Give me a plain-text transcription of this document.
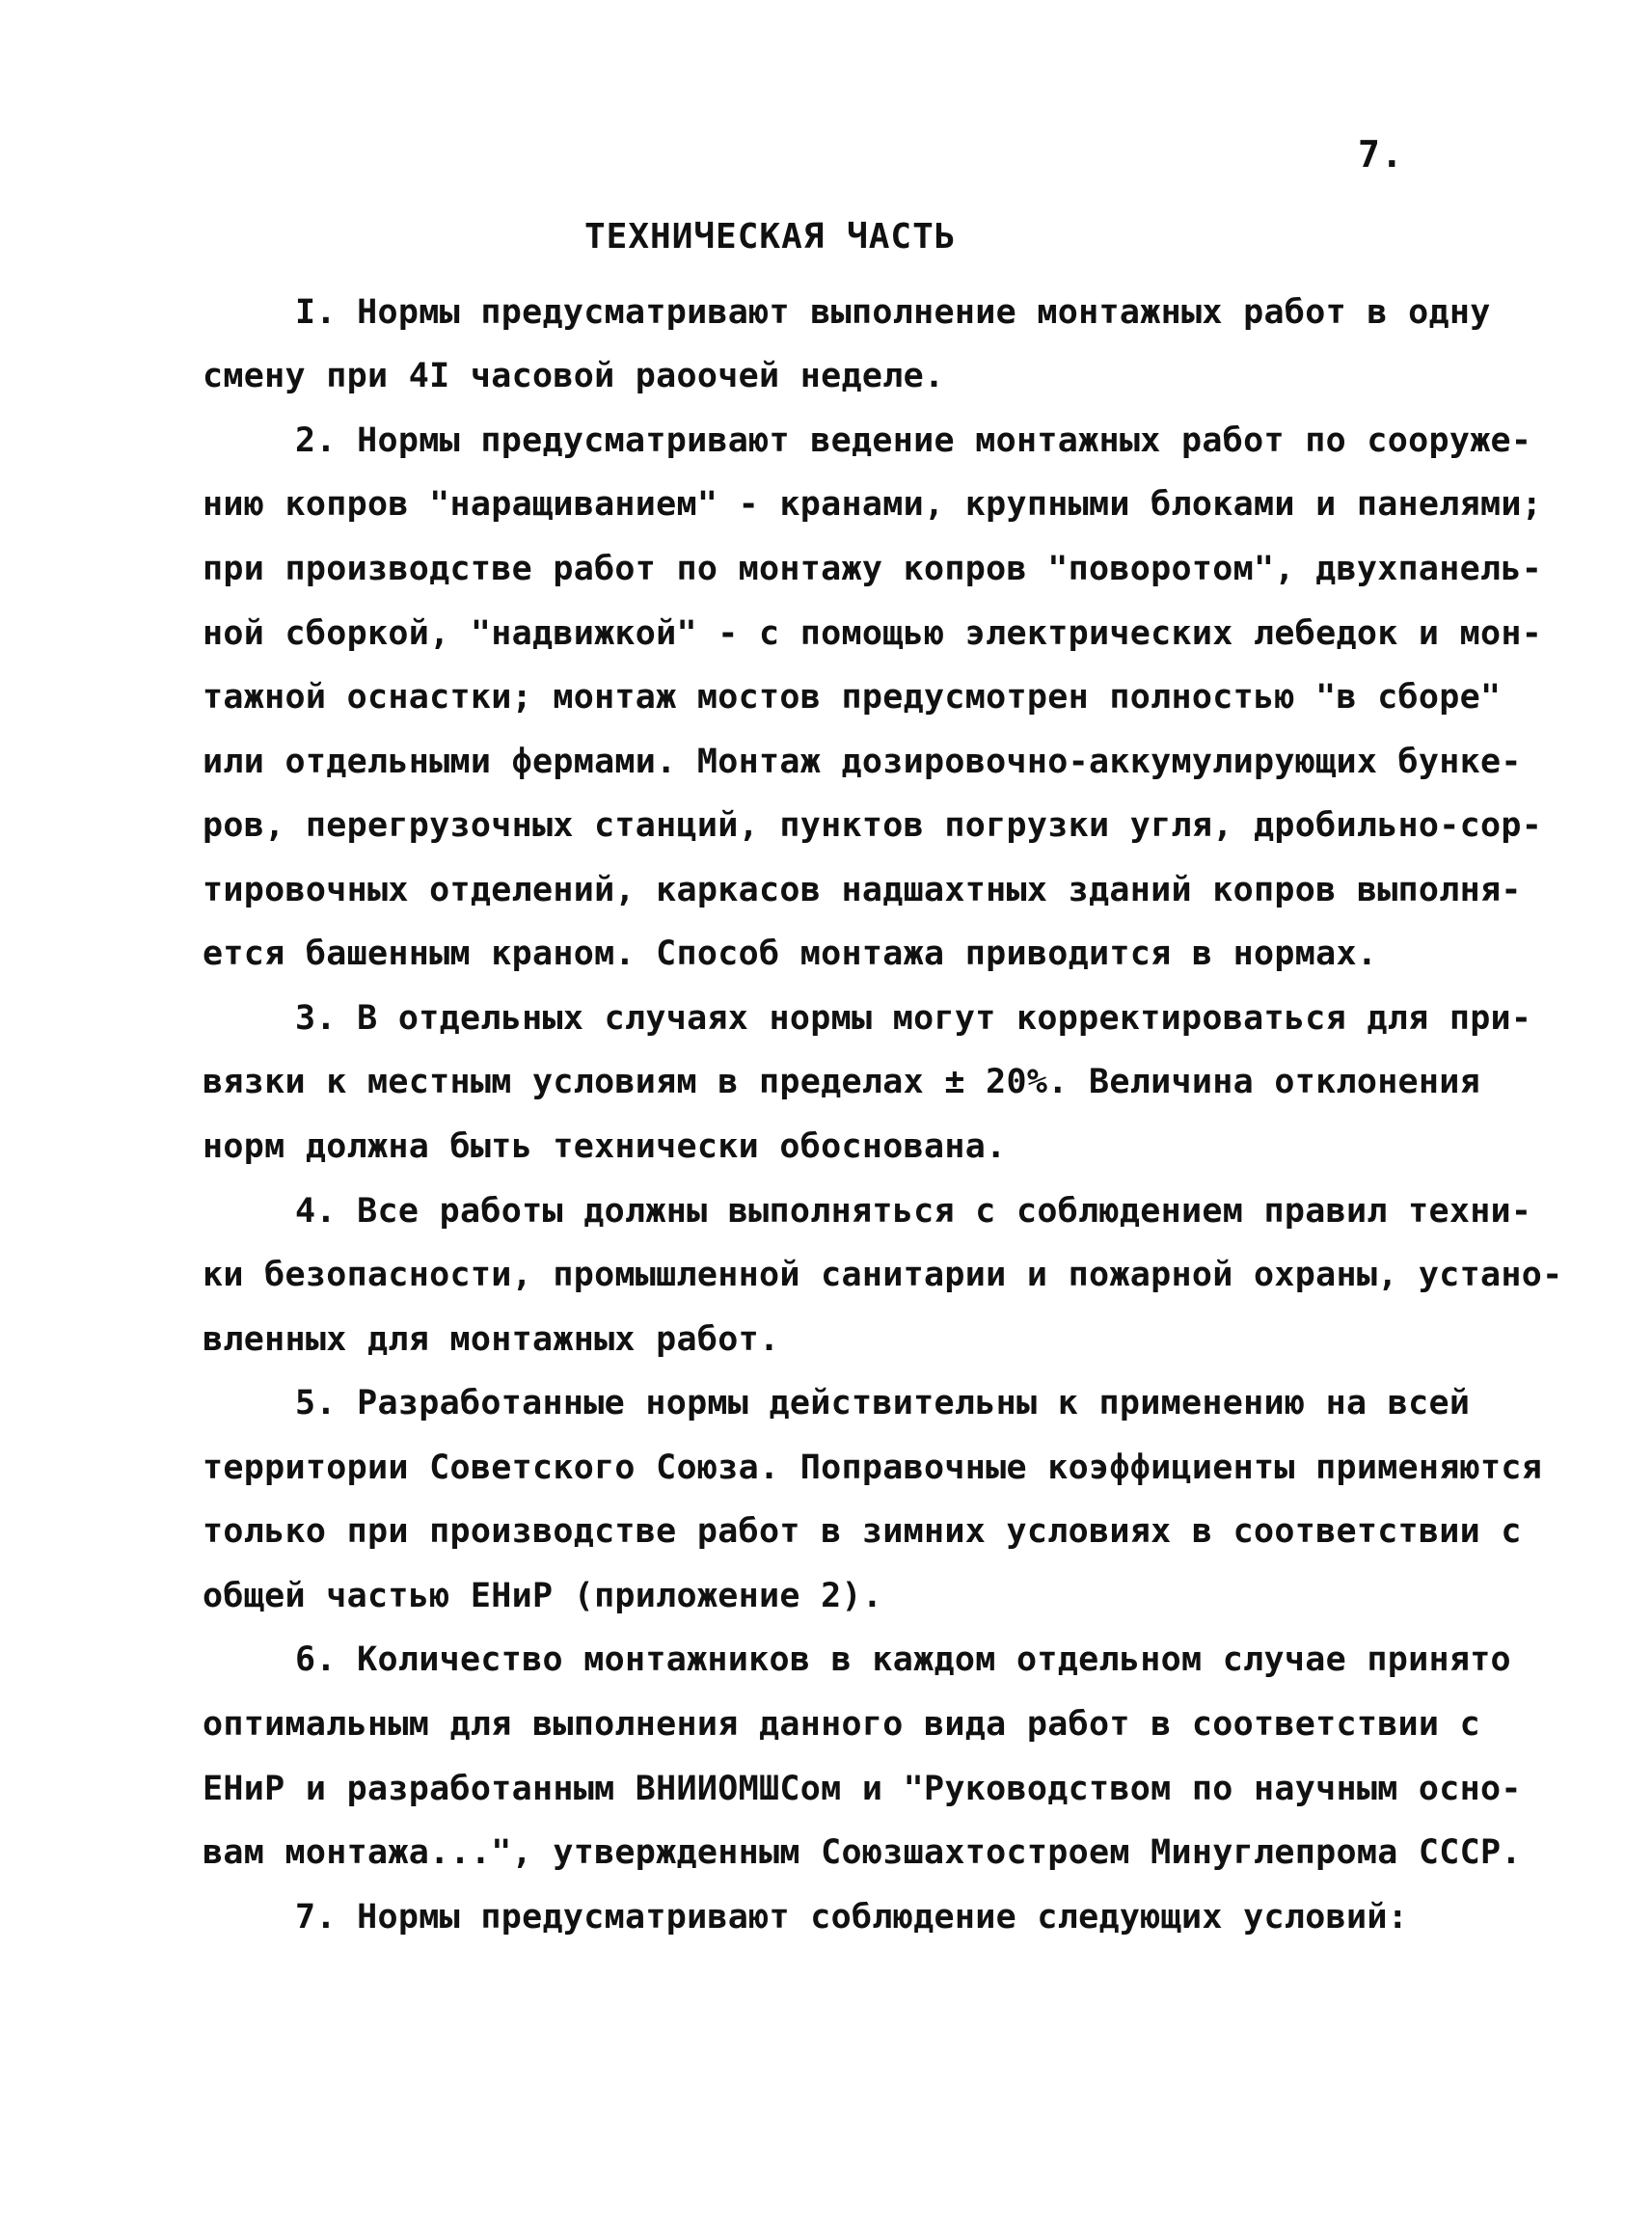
7.
ТЕХНИЧЕСКАЯ ЧАСТЬ
I. Нормы предусматривают выполнение монтажных работ в одну
смену при 4I часовой раоочей неделе.
2. Нормы предусматривают ведение монтажных работ по сооруже-
нию копров "наращиванием" - кранами, крупными блоками и панелями;
при производстве работ по монтажу копров "поворотом", двухпанель-
ной сборкой, "надвижкой" - с помощью электрических лебедок и мон-
тажной оснастки; монтаж мостов предусмотрен полностью "в сборе"
или отдельными фермами. Монтаж дозировочно-аккумулирующих бунке-
ров, перегрузочных станций, пунктов погрузки угля, дробильно-сор-
тировочных отделений, каркасов надшахтных зданий копров выполня-
ется башенным краном. Способ монтажа приводится в нормах.
3. В отдельных случаях нормы могут корректироваться для при-
вязки к местным условиям в пределах ± 20%. Величина отклонения
норм должна быть технически обоснована.
4. Все работы должны выполняться с соблюдением правил техни-
ки безопасности, промышленной санитарии и пожарной охраны, устано-
вленных для монтажных работ.
5. Разработанные нормы действительны к применению на всей
территории Советского Союза. Поправочные коэффициенты применяются
только при производстве работ в зимних условиях в соответствии с
общей частью ЕНиР (приложение 2).
6. Количество монтажников в каждом отдельном случае принято
оптимальным для выполнения данного вида работ в соответствии с
ЕНиР и разработанным ВНИИОМШСом и "Руководством по научным осно-
вам монтажа...", утвержденным Союзшахтостроем Минуглепрома СССР.
7. Нормы предусматривают соблюдение следующих условий:
